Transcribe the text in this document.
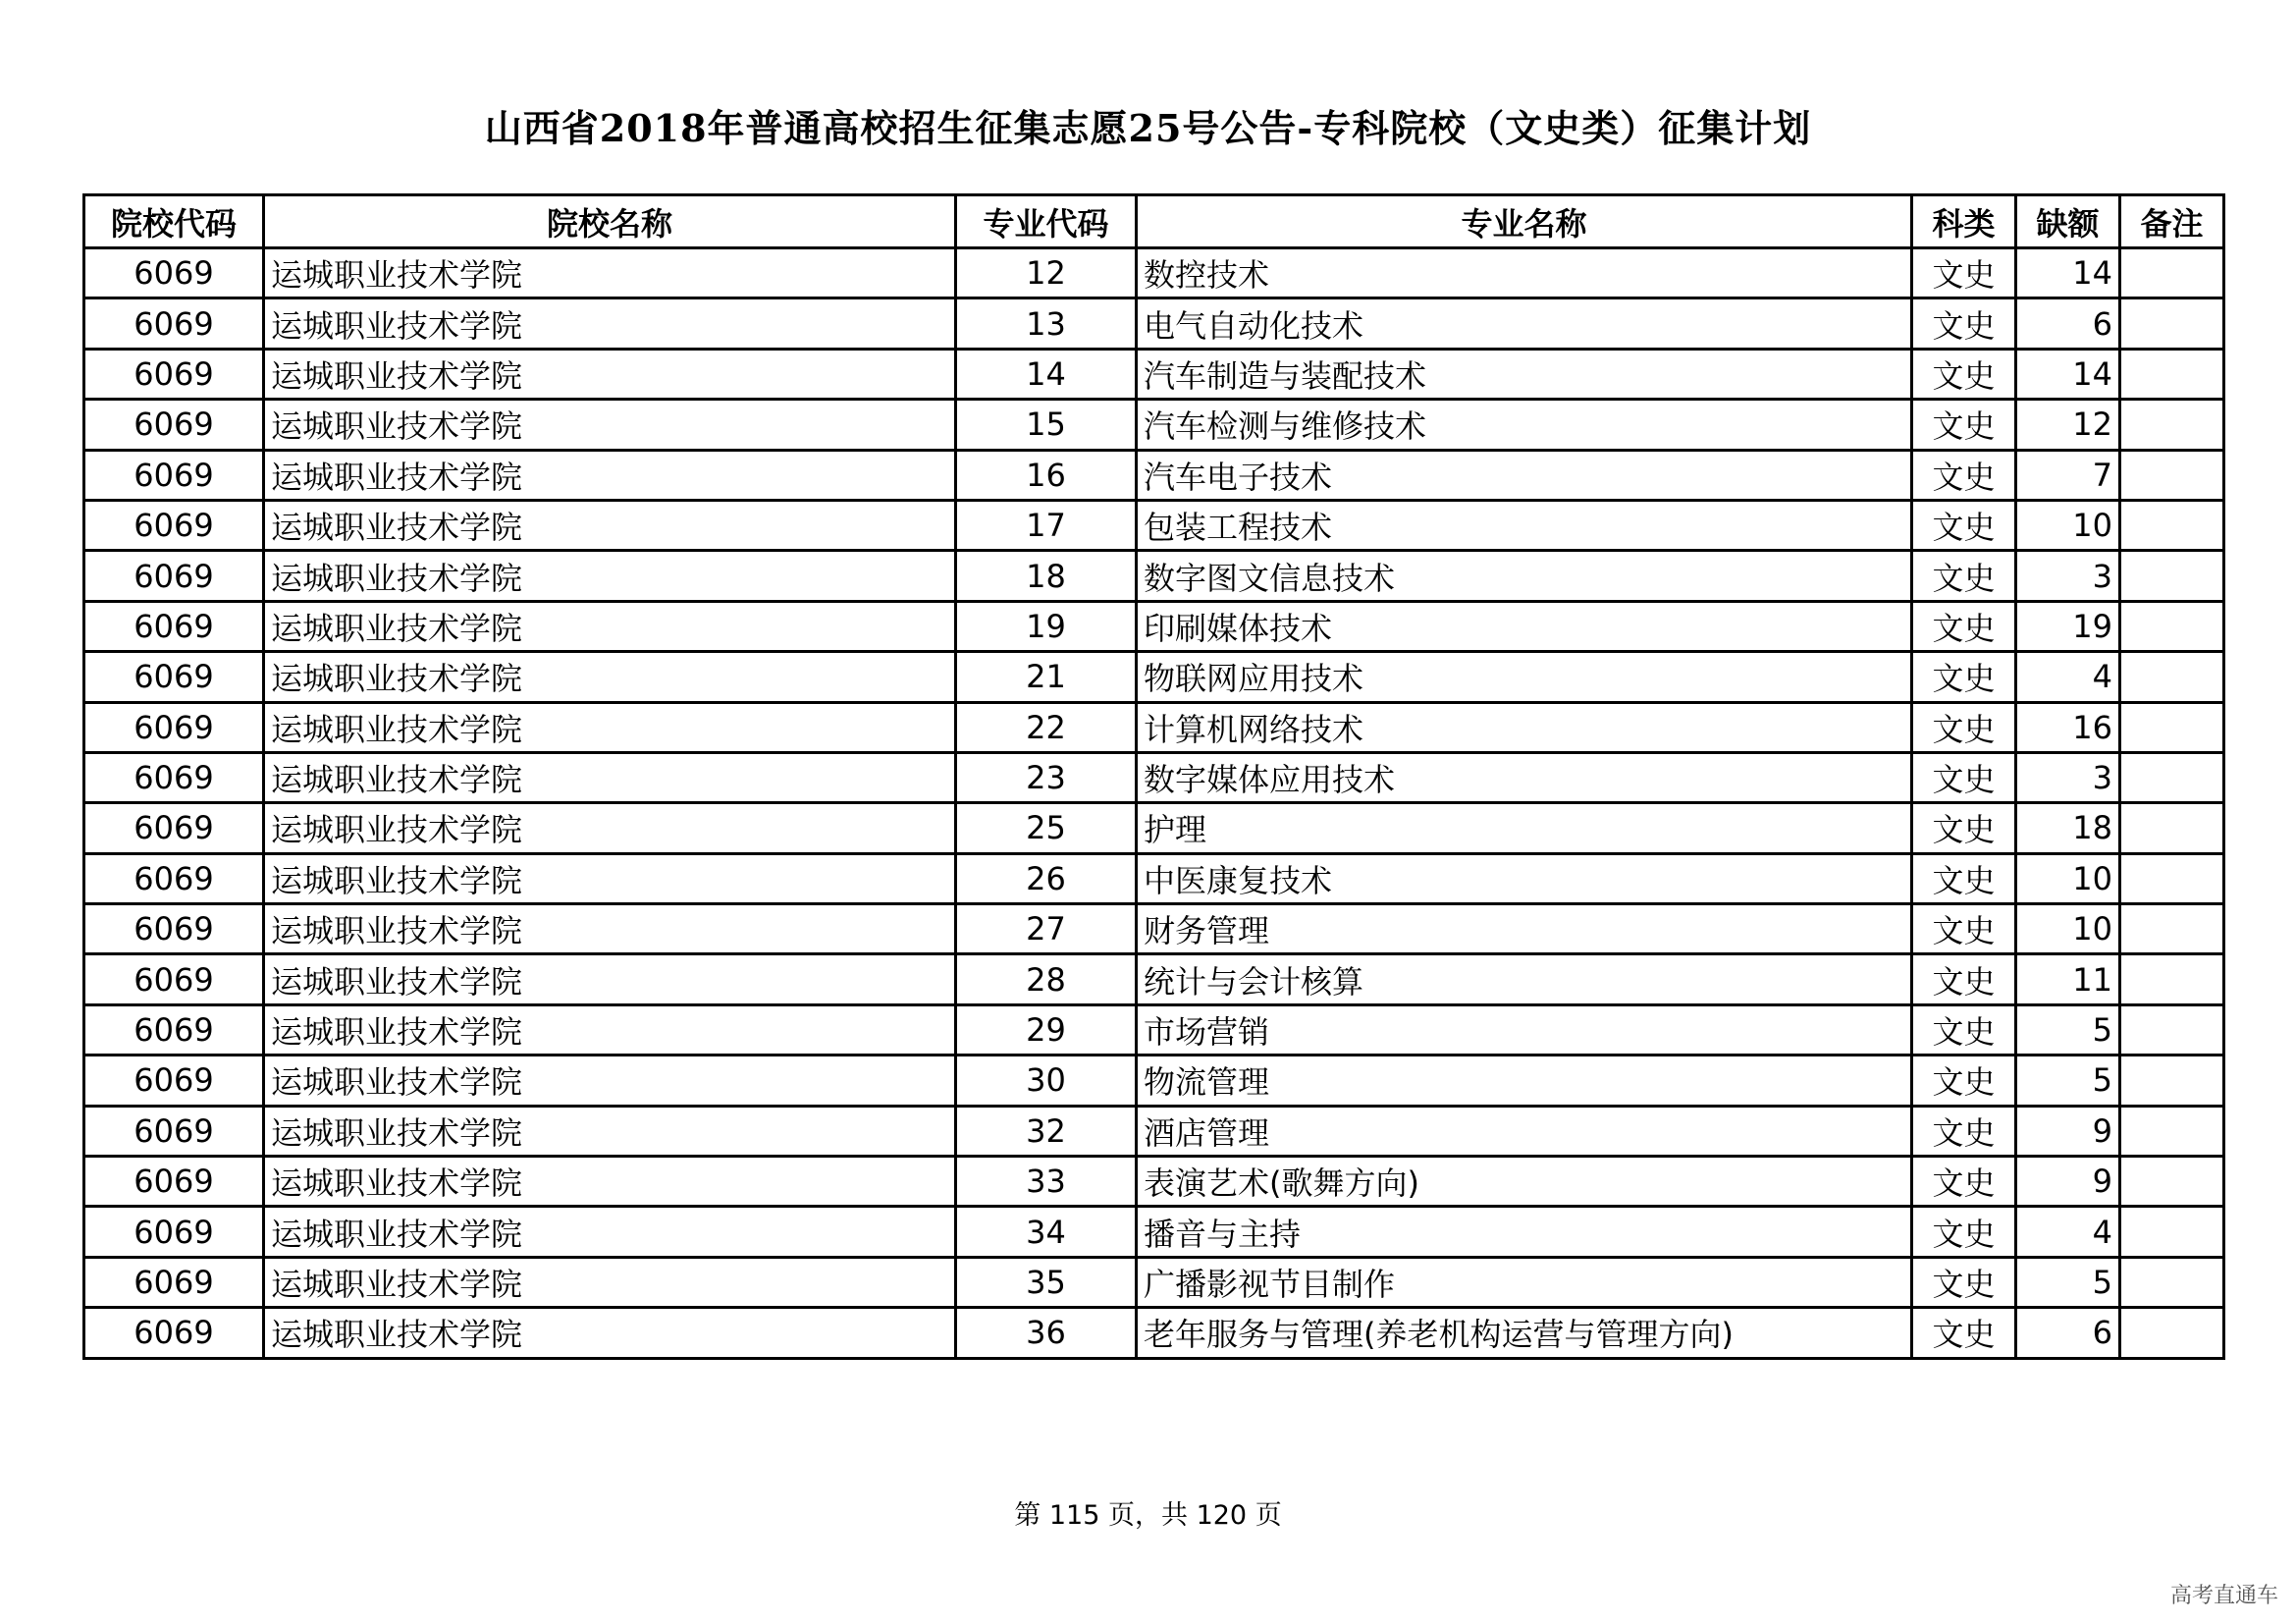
山西省2018年普通高校招生征集志愿25号公告-专科院校（文史类）征集计划
院校代码	院校名称	专业代码	专业名称	科类	缺额	备注
6069	运城职业技术学院	12	数控技术	文史	14	
6069	运城职业技术学院	13	电气自动化技术	文史	6	
6069	运城职业技术学院	14	汽车制造与装配技术	文史	14	
6069	运城职业技术学院	15	汽车检测与维修技术	文史	12	
6069	运城职业技术学院	16	汽车电子技术	文史	7	
6069	运城职业技术学院	17	包装工程技术	文史	10	
6069	运城职业技术学院	18	数字图文信息技术	文史	3	
6069	运城职业技术学院	19	印刷媒体技术	文史	19	
6069	运城职业技术学院	21	物联网应用技术	文史	4	
6069	运城职业技术学院	22	计算机网络技术	文史	16	
6069	运城职业技术学院	23	数字媒体应用技术	文史	3	
6069	运城职业技术学院	25	护理	文史	18	
6069	运城职业技术学院	26	中医康复技术	文史	10	
6069	运城职业技术学院	27	财务管理	文史	10	
6069	运城职业技术学院	28	统计与会计核算	文史	11	
6069	运城职业技术学院	29	市场营销	文史	5	
6069	运城职业技术学院	30	物流管理	文史	5	
6069	运城职业技术学院	32	酒店管理	文史	9	
6069	运城职业技术学院	33	表演艺术(歌舞方向)	文史	9	
6069	运城职业技术学院	34	播音与主持	文史	4	
6069	运城职业技术学院	35	广播影视节目制作	文史	5	
6069	运城职业技术学院	36	老年服务与管理(养老机构运营与管理方向)	文史	6	
第 115 页，共 120 页
高考直通车
